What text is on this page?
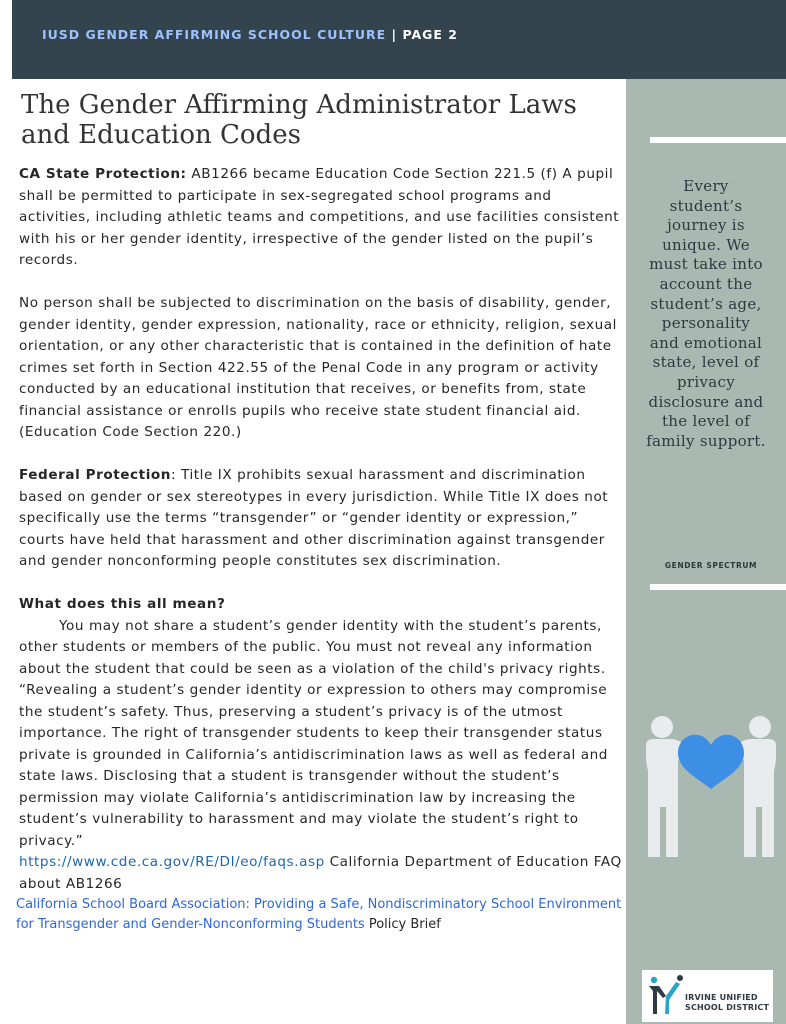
IUSD GENDER AFFIRMING SCHOOL CULTURE | PAGE 2
The Gender Affirming Administrator Laws and Education Codes

CA State Protection: AB1266 became Education Code Section 221.5 (f) A pupil shall be permitted to participate in sex-segregated school programs and activities, including athletic teams and competitions, and use facilities consistent with his or her gender identity, irrespective of the gender listed on the pupil’s records.

No person shall be subjected to discrimination on the basis of disability, gender, gender identity, gender expression, nationality, race or ethnicity, religion, sexual orientation, or any other characteristic that is contained in the definition of hate crimes set forth in Section 422.55 of the Penal Code in any program or activity conducted by an educational institution that receives, or benefits from, state financial assistance or enrolls pupils who receive state student financial aid. (Education Code Section 220.)

Federal Protection: Title IX prohibits sexual harassment and discrimination based on gender or sex stereotypes in every jurisdiction. While Title IX does not specifically use the terms “transgender” or “gender identity or expression,” courts have held that harassment and other discrimination against transgender and gender nonconforming people constitutes sex discrimination.

What does this all mean?

You may not share a student’s gender identity with the student’s parents, other students or members of the public. You must not reveal any information about the student that could be seen as a violation of the child's privacy rights. “Revealing a student’s gender identity or expression to others may compromise the student’s safety. Thus, preserving a student’s privacy is of the utmost importance. The right of transgender students to keep their transgender status private is grounded in California’s antidiscrimination laws as well as federal and state laws. Disclosing that a student is transgender without the student’s permission may violate California’s antidiscrimination law by increasing the student’s vulnerability to harassment and may violate the student’s right to privacy.”

https://www.cde.ca.gov/RE/DI/eo/faqs.asp California Department of Education FAQ about AB1266

California School Board Association: Providing a Safe, Nondiscriminatory School Environment for Transgender and Gender-Nonconforming Students Policy Brief

Every student’s journey is unique. We must take into account the student’s age, personality and emotional state, level of privacy disclosure and the level of family support.
GENDER SPECTRUM
IRVINE UNIFIED
SCHOOL DISTRICT
